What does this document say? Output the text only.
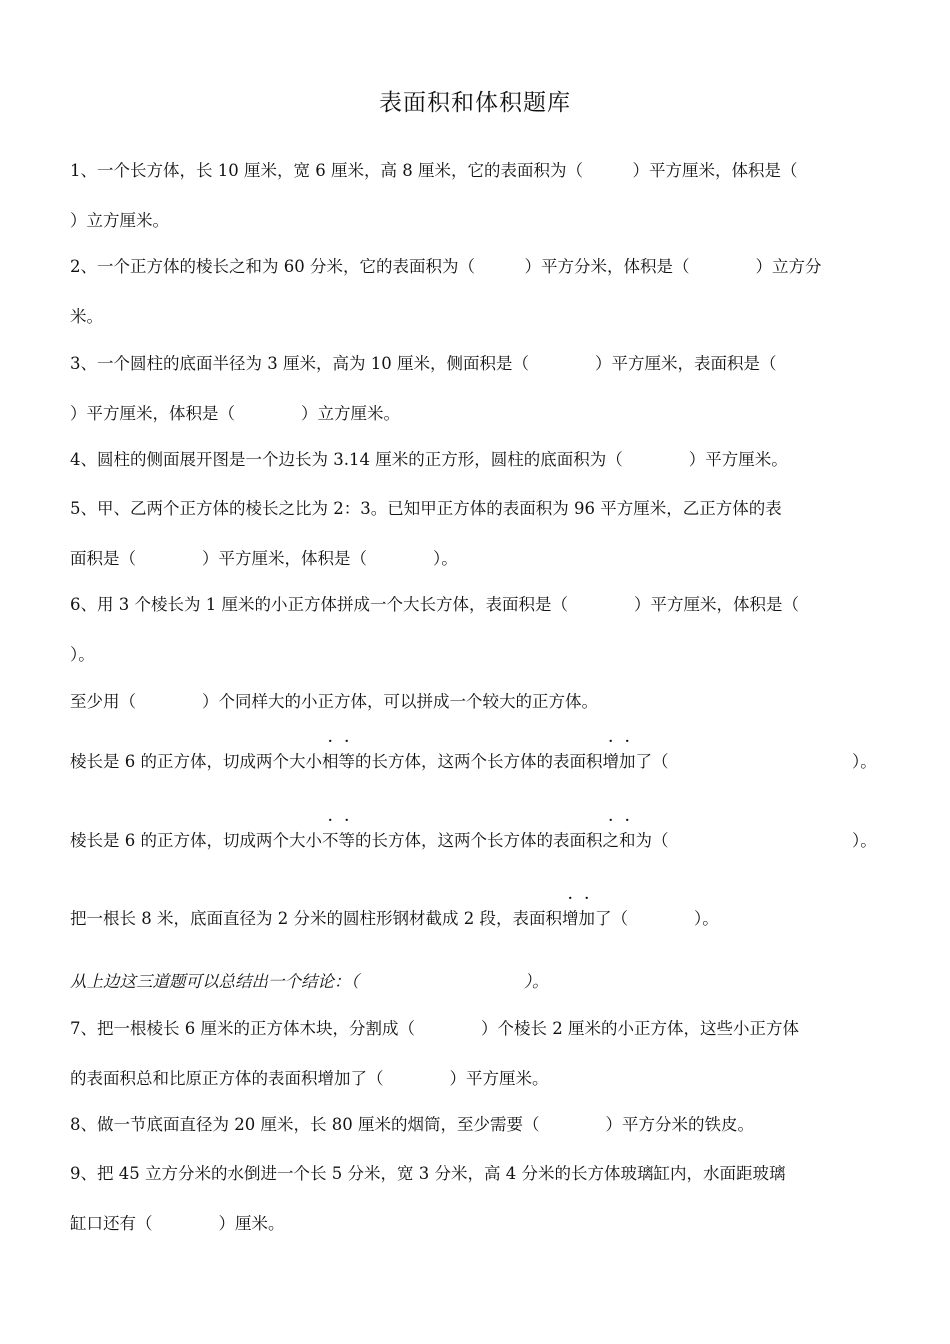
表面积和体积题库
1、一个长方体，长 10 厘米，宽 6 厘米，高 8 厘米，它的表面积为（　　　）平方厘米，体积是（
）立方厘米。
2、一个正方体的棱长之和为 60 分米，它的表面积为（　　　）平方分米，体积是（　　　　）立方分
米。
3、一个圆柱的底面半径为 3 厘米，高为 10 厘米，侧面积是（　　　　）平方厘米，表面积是（
）平方厘米，体积是（　　　　）立方厘米。
4、圆柱的侧面展开图是一个边长为 3.14 厘米的正方形，圆柱的底面积为（　　　　）平方厘米。
5、甲、乙两个正方体的棱长之比为 2：3。已知甲正方体的表面积为 96 平方厘米，乙正方体的表
面积是（　　　　）平方厘米，体积是（　　　　）。
6、用 3 个棱长为 1 厘米的小正方体拼成一个大长方体，表面积是（　　　　）平方厘米，体积是（
）。
至少用（　　　　）个同样大的小正方体，可以拼成一个较大的正方体。
棱长是 6 的正方体，切成两个大小相等的长方体，这两个长方体的表面积增加了（	）。
棱长是 6 的正方体，切成两个大小不等的长方体，这两个长方体的表面积之和为（	）。
把一根长 8 米，底面直径为 2 分米的圆柱形钢材截成 2 段，表面积增加了（　　　　）。
从上边这三道题可以总结出一个结论：（　　　　　　　　　　）。
7、把一根棱长 6 厘米的正方体木块，分割成（　　　　）个棱长 2 厘米的小正方体，这些小正方体
的表面积总和比原正方体的表面积增加了（　　　　）平方厘米。
8、做一节底面直径为 20 厘米，长 80 厘米的烟筒，至少需要（　　　　）平方分米的铁皮。
9、把 45 立方分米的水倒进一个长 5 分米，宽 3 分米，高 4 分米的长方体玻璃缸内，水面距玻璃
缸口还有（　　　　）厘米。
